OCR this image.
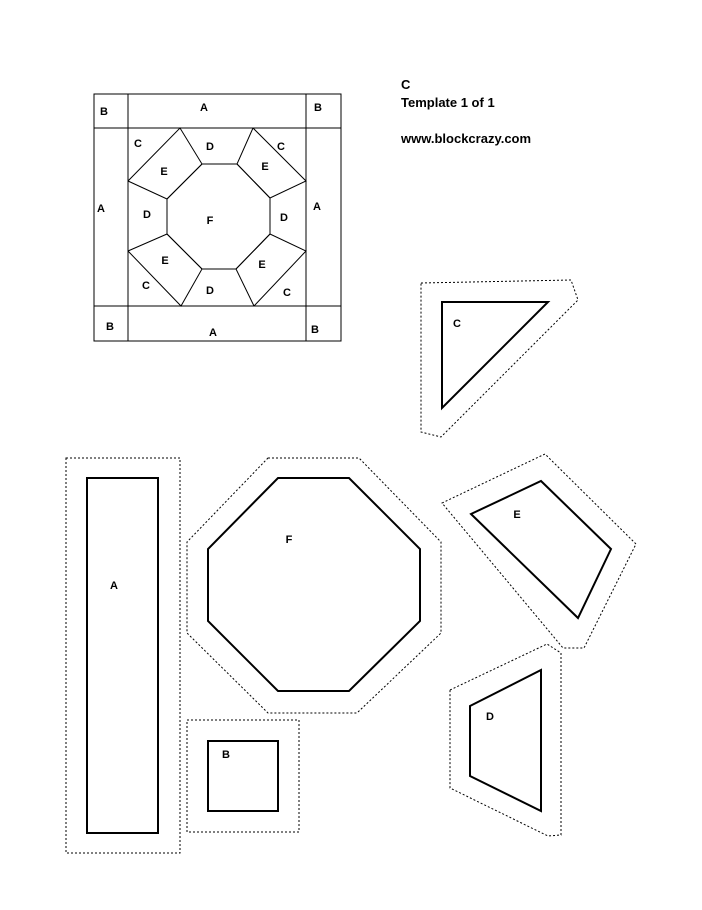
C
Template 1 of 1
www.blockcrazy.com
B	B
B	B
A
A	A
A
C	C
C
C
E	E
E	E
D
D	D
D
F
C
A
F
E
B
D
